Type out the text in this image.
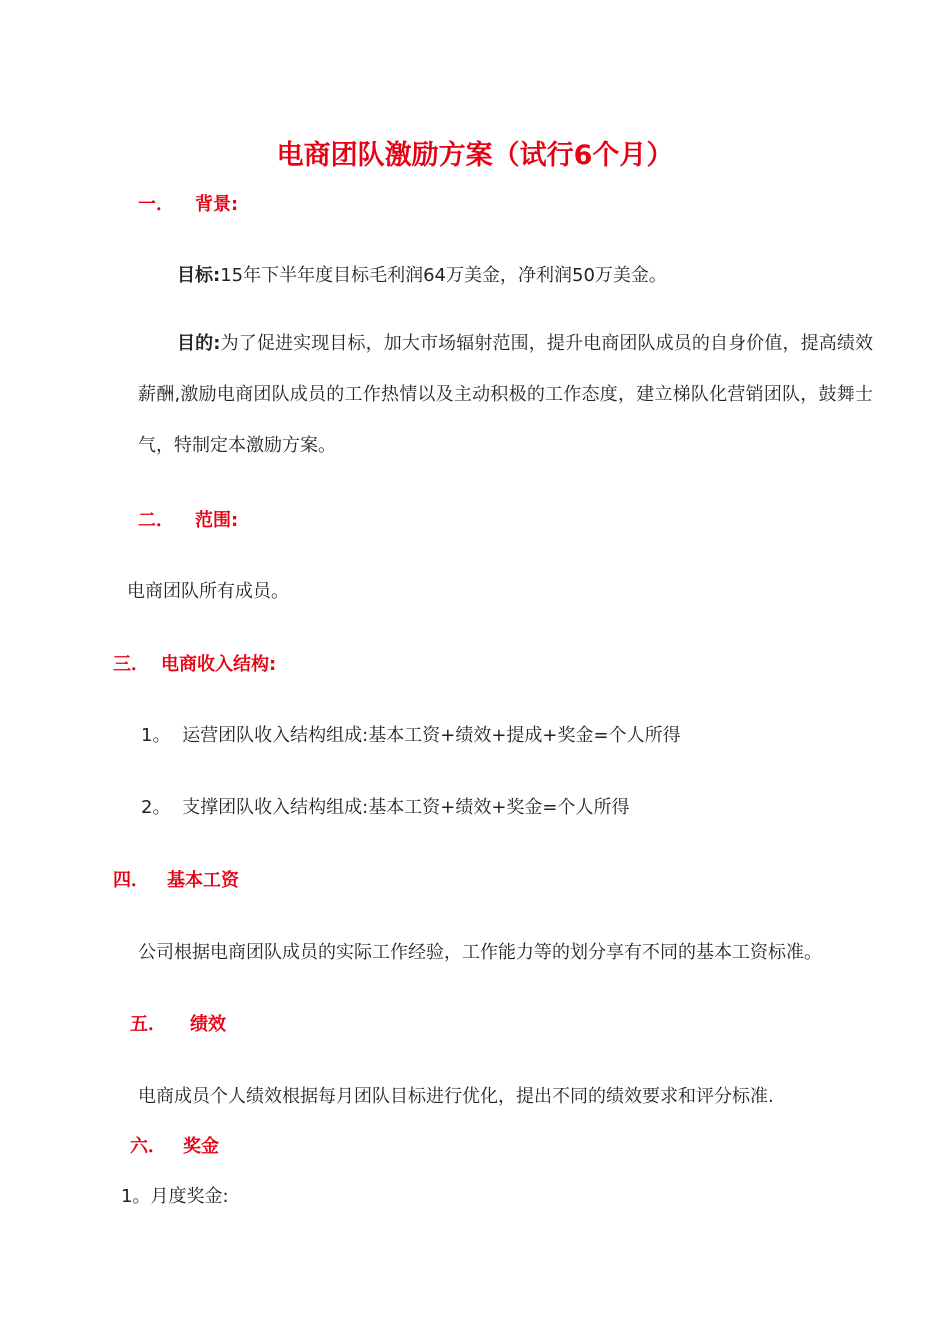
电商团队激励方案（试行6个月）
一． 背景:
目标:15年下半年度目标毛利润64万美金，净利润50万美金。
目的:为了促进实现目标，加大市场辐射范围，提升电商团队成员的自身价值，提高绩效薪酬,激励电商团队成员的工作热情以及主动积极的工作态度，建立梯队化营销团队，鼓舞士气，特制定本激励方案。
二． 范围:
电商团队所有成员。
三． 电商收入结构:
1。 运营团队收入结构组成:基本工资+绩效+提成+奖金=个人所得
2。 支撑团队收入结构组成:基本工资+绩效+奖金=个人所得
四． 基本工资
公司根据电商团队成员的实际工作经验，工作能力等的划分享有不同的基本工资标准。
五． 绩效
电商成员个人绩效根据每月团队目标进行优化，提出不同的绩效要求和评分标准.
六． 奖金
1。月度奖金:
